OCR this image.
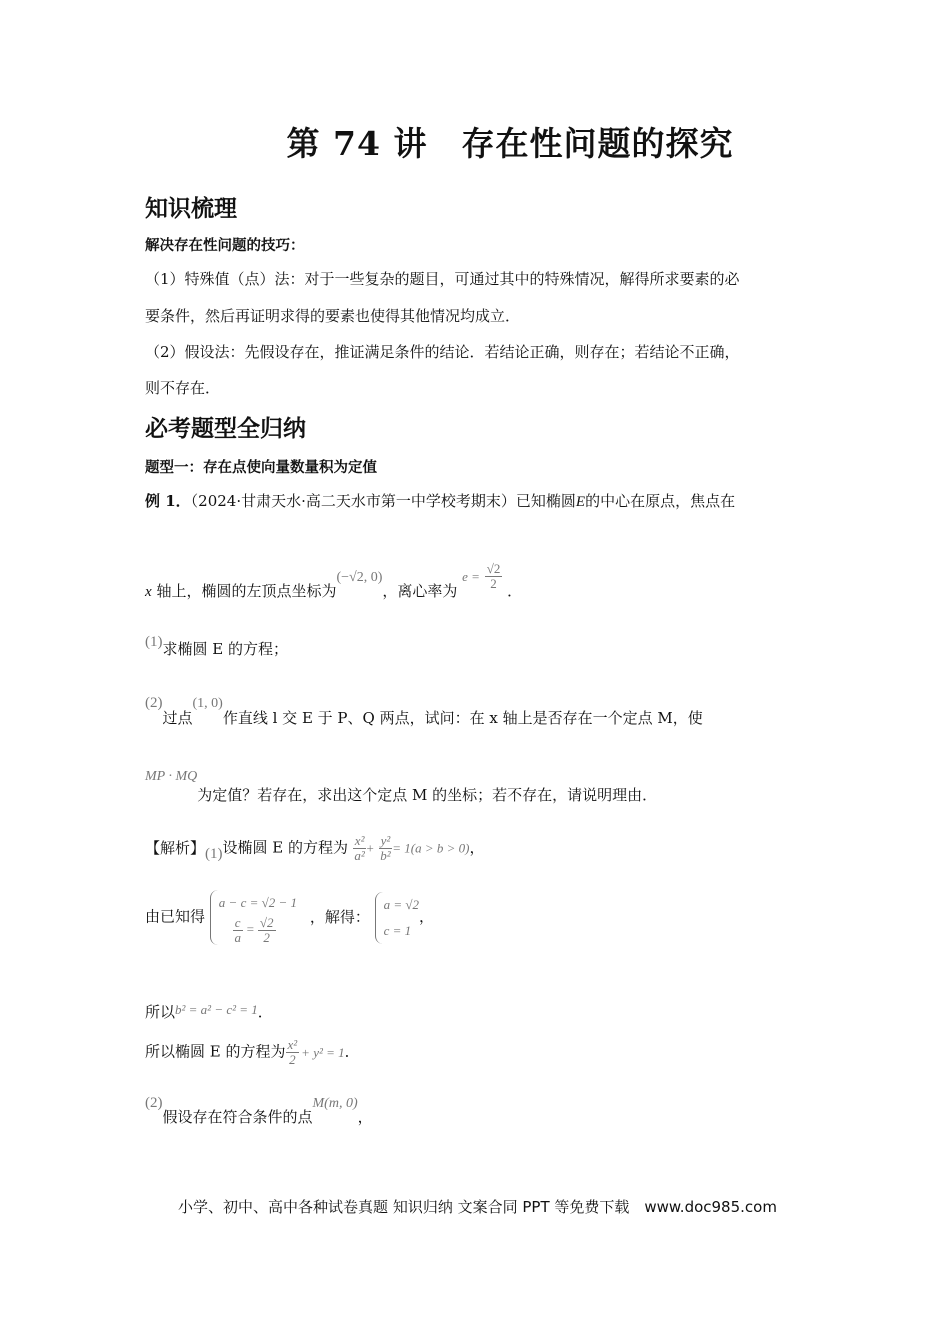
第 74 讲　存在性问题的探究
知识梳理
解决存在性问题的技巧：
（1）特殊值（点）法：对于一些复杂的题目，可通过其中的特殊情况，解得所求要素的必
要条件，然后再证明求得的要素也使得其他情况均成立．
（2）假设法：先假设存在，推证满足条件的结论．若结论正确，则存在；若结论不正确，
则不存在．
必考题型全归纳
题型一：存在点使向量数量积为定值
例 1．（2024·甘肃天水·高二天水市第一中学校考期末）已知椭圆E的中心在原点，焦点在
x 轴上，椭圆的左顶点坐标为(−√2, 0)，离心率为 $e = \frac{√2}{2}$ ．
(1)求椭圆 E 的方程；
(2)过点(1, 0)作直线 l 交 E 于 P、Q 两点，试问：在 x 轴上是否存在一个定点 M，使
MP · MQ为定值？若存在，求出这个定点 M 的坐标；若不存在，请说明理由．
【解析】(1)设椭圆 E 的方程为 $\frac{\text{x²}}{\text{a²}} + \frac{\text{y²}}{\text{b²}} = 1(a > b > 0)$，
由已知得
a − c = √2 − 1
$\frac{c}{a} = \frac{√2}{2}$ ，解得：
a = √2
c = 1
，
所以b² = a² − c² = 1．
所以椭圆 E 的方程为 $\frac{\text{x²}}{2} + y^2 = 1$．
(2)假设存在符合条件的点M(m, 0)，
小学、初中、高中各种试卷真题 知识归纳 文案合同 PPT 等免费下载　www.doc985.com
